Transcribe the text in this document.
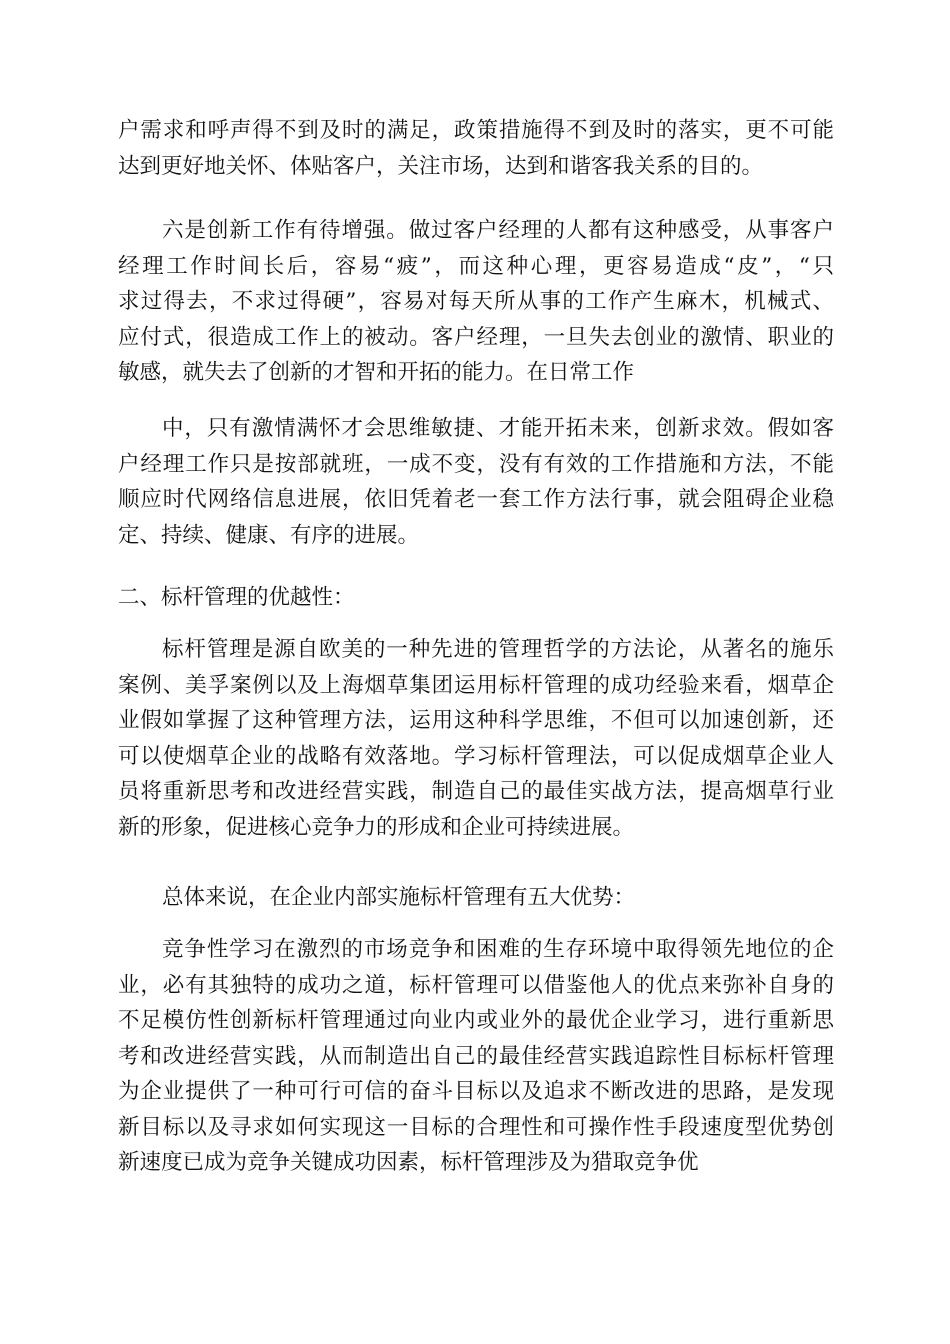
户需求和呼声得不到及时的满足，政策措施得不到及时的落实，更不可能
达到更好地关怀、体贴客户，关注市场，达到和谐客我关系的目的。
六是创新工作有待增强。做过客户经理的人都有这种感受，从事客户
经理工作时间长后，容易“疲”，而这种心理，更容易造成“皮”，“只
求过得去，不求过得硬”，容易对每天所从事的工作产生麻木，机械式、
应付式，很造成工作上的被动。客户经理，一旦失去创业的激情、职业的
敏感，就失去了创新的才智和开拓的能力。在日常工作
中，只有激情满怀才会思维敏捷、才能开拓未来，创新求效。假如客
户经理工作只是按部就班，一成不变，没有有效的工作措施和方法，不能
顺应时代网络信息进展，依旧凭着老一套工作方法行事，就会阻碍企业稳
定、持续、健康、有序的进展。
二、标杆管理的优越性：
标杆管理是源自欧美的一种先进的管理哲学的方法论，从著名的施乐
案例、美孚案例以及上海烟草集团运用标杆管理的成功经验来看，烟草企
业假如掌握了这种管理方法，运用这种科学思维，不但可以加速创新，还
可以使烟草企业的战略有效落地。学习标杆管理法，可以促成烟草企业人
员将重新思考和改进经营实践，制造自己的最佳实战方法，提高烟草行业
新的形象，促进核心竞争力的形成和企业可持续进展。
总体来说，在企业内部实施标杆管理有五大优势：
竞争性学习在激烈的市场竞争和困难的生存环境中取得领先地位的企
业，必有其独特的成功之道，标杆管理可以借鉴他人的优点来弥补自身的
不足模仿性创新标杆管理通过向业内或业外的最优企业学习，进行重新思
考和改进经营实践，从而制造出自己的最佳经营实践追踪性目标标杆管理
为企业提供了一种可行可信的奋斗目标以及追求不断改进的思路，是发现
新目标以及寻求如何实现这一目标的合理性和可操作性手段速度型优势创
新速度已成为竞争关键成功因素，标杆管理涉及为猎取竞争优
